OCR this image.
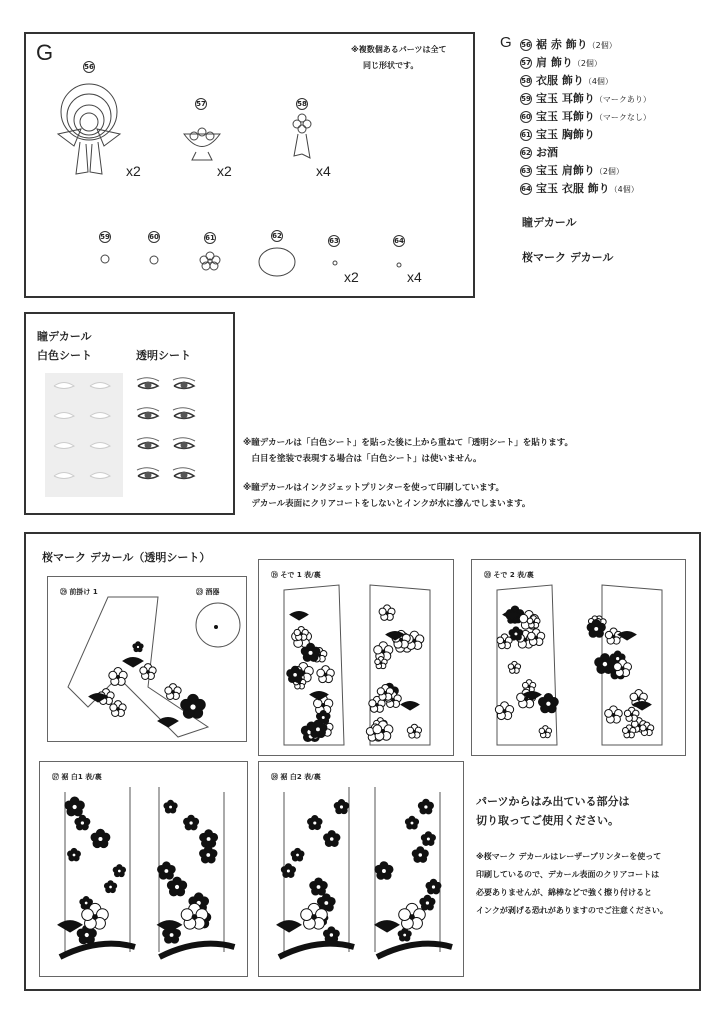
G	※複数個あるパーツは全て
同じ形状です。
56
57	58
x2	x2	x4
59	60	61	62
63	64
x2	x4
G 56 裾 赤 飾り（2個）
57 肩 飾り（2個）
58 衣服 飾り（4個）
59 宝玉 耳飾り（マークあり）
60 宝玉 耳飾り（マークなし）
61 宝玉 胸飾り
62 お酒
63 宝玉 肩飾り（2個）
64 宝玉 衣服 飾り（4個）
瞳デカール
桜マーク デカール
瞳デカール
白色シート	透明シート
※瞳デカールは「白色シート」を貼った後に上から重ねて「透明シート」を貼ります。
　白目を塗装で表現する場合は「白色シート」は使いません。
※瞳デカールはインクジェットプリンターを使って印刷しています。
　デカール表面にクリアコートをしないとインクが水に滲んでしまいます。
桜マーク デカール（透明シート）
㉙ 前掛け 1	㉓ 酒器
⑲ そで 1 表/裏	⑳ そで 2 表/裏
㊲ 裾 白1 表/裏	㊳ 裾 白2 表/裏
パーツからはみ出ている部分は
切り取ってご使用ください。
※桜マーク デカールはレーザープリンターを使って
印刷しているので、デカール表面のクリアコートは
必要ありませんが、綿棒などで強く擦り付けると
インクが剥げる恐れがありますのでご注意ください。
